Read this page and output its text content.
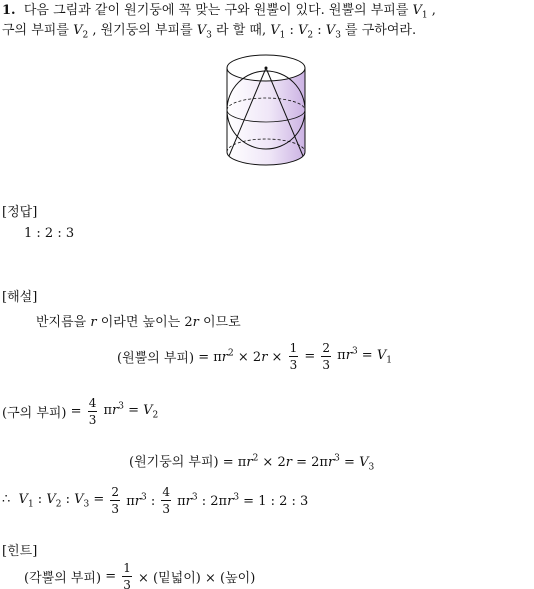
1.  다음 그림과 같이 원기둥에 꼭 맞는 구와 원뿔이 있다. 원뿔의 부피를 $V_1$ ,
구의 부피를 $V_2$ , 원기둥의 부피를 $V_3$ 라 할 때, $V_1$ : $V_2$ : $V_3$ 를 구하여라.
[정답]
1 : 2 : 3
[해설]
반지름을 r 이라면 높이는 2r 이므로
(원뿔의 부피) = $\pi r^2 \times 2r \times \frac{1}{3} = \frac{2}{3} \pi r^3 = V_1$
(구의 부피) = $\frac{4}{3} \pi r^3 = V_2$
(원기둥의 부피) = $\pi r^2 \times 2r = 2\pi r^3 = V_3$
∴  $V_1$ : $V_2$ : $V_3 = \frac{2}{3} \pi r^3$ : $\frac{4}{3} \pi r^3$ : $2\pi r^3 = 1$ : 2 : 3
[힌트]
(각뿔의 부피) = $\frac{1}{3}$ × (밑넓이) × (높이)
